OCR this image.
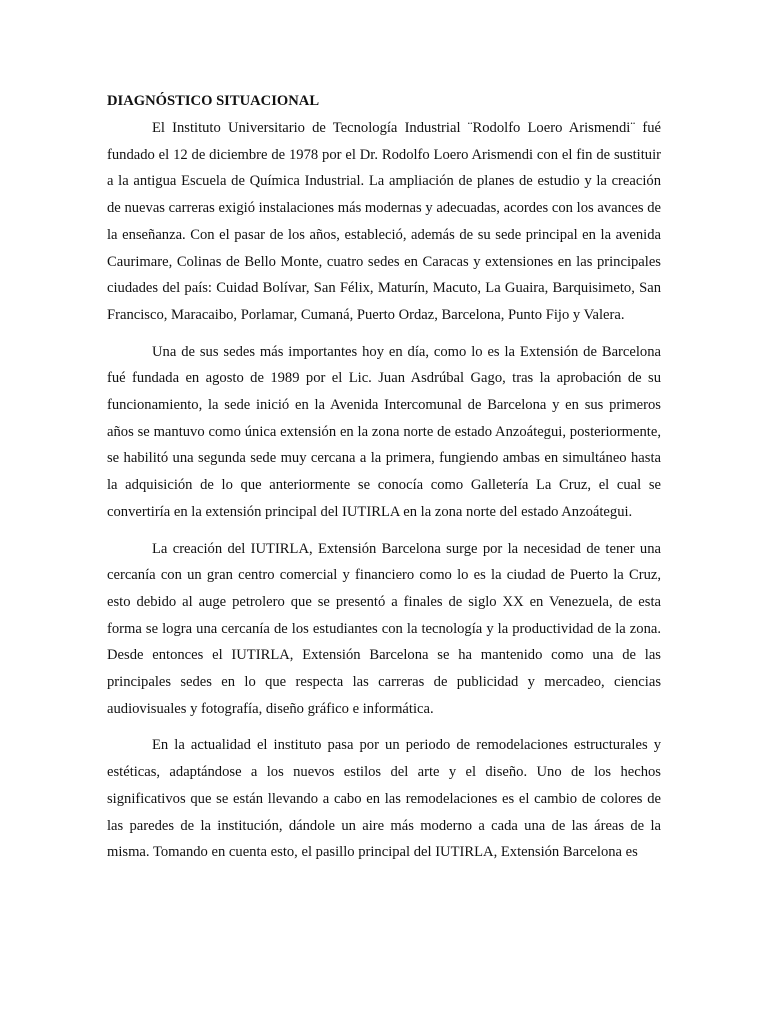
DIAGNÓSTICO SITUACIONAL

El Instituto Universitario de Tecnología Industrial ¨Rodolfo Loero Arismendi¨ fué fundado el 12 de diciembre de 1978 por el Dr. Rodolfo Loero Arismendi con el fin de sustituir a la antigua Escuela de Química Industrial. La ampliación de planes de estudio y la creación de nuevas carreras exigió instalaciones más modernas y adecuadas, acordes con los avances de la enseñanza. Con el pasar de los años, estableció, además de su sede principal en la avenida Caurimare, Colinas de Bello Monte, cuatro sedes en Caracas y extensiones en las principales ciudades del país: Cuidad Bolívar, San Félix, Maturín, Macuto, La Guaira, Barquisimeto, San Francisco, Maracaibo, Porlamar, Cumaná, Puerto Ordaz, Barcelona, Punto Fijo y Valera.

Una de sus sedes más importantes hoy en día, como lo es la Extensión de Barcelona fué fundada en agosto de 1989 por el Lic. Juan Asdrúbal Gago, tras la aprobación de su funcionamiento, la sede inició en la Avenida Intercomunal de Barcelona y en sus primeros años se mantuvo como única extensión en la zona norte de estado Anzoátegui, posteriormente, se habilitó una segunda sede muy cercana a la primera, fungiendo ambas en simultáneo hasta la adquisición de lo que anteriormente se conocía como Galletería La Cruz, el cual se convertiría en la extensión principal del IUTIRLA en la zona norte del estado Anzoátegui.

La creación del IUTIRLA, Extensión Barcelona surge por la necesidad de tener una cercanía con un gran centro comercial y financiero como lo es la ciudad de Puerto la Cruz, esto debido al auge petrolero que se presentó a finales de siglo XX en Venezuela, de esta forma se logra una cercanía de los estudiantes con la tecnología y la productividad de la zona. Desde entonces el IUTIRLA, Extensión Barcelona se ha mantenido como una de las principales sedes en lo que respecta las carreras de publicidad y mercadeo, ciencias audiovisuales y fotografía, diseño gráfico e informática.

En la actualidad el instituto pasa por un periodo de remodelaciones estructurales y estéticas, adaptándose a los nuevos estilos del arte y el diseño. Uno de los hechos significativos que se están llevando a cabo en las remodelaciones es el cambio de colores de las paredes de la institución, dándole un aire más moderno a cada una de las áreas de la misma. Tomando en cuenta esto, el pasillo principal del IUTIRLA, Extensión Barcelona es
